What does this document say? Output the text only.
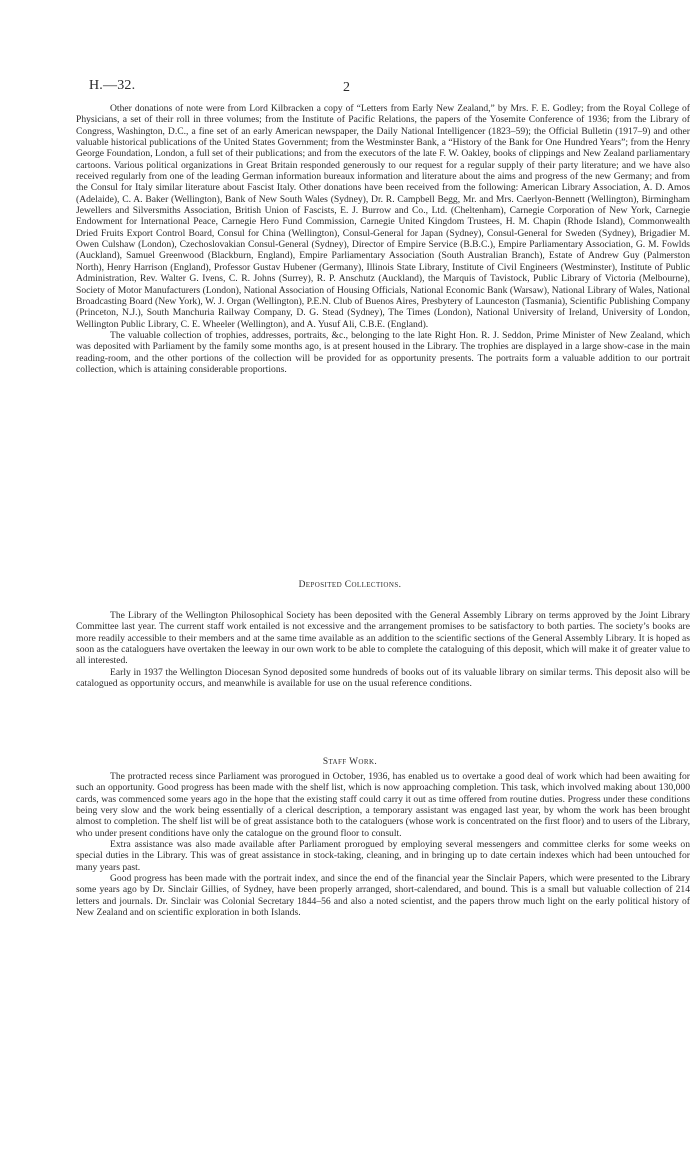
H.—32.	2

Other donations of note were from Lord Kilbracken a copy of “Letters from Early New Zealand,” by Mrs. F. E. Godley; from the Royal College of Physicians, a set of their roll in three volumes; from the Institute of Pacific Relations, the papers of the Yosemite Conference of 1936; from the Library of Congress, Washington, D.C., a fine set of an early American newspaper, the Daily National Intelligencer (1823–59); the Official Bulletin (1917–9) and other valuable historical publications of the United States Government; from the Westminster Bank, a “History of the Bank for One Hundred Years”; from the Henry George Foundation, London, a full set of their publications; and from the executors of the late F. W. Oakley, books of clippings and New Zealand parliamentary cartoons. Various political organizations in Great Britain responded generously to our request for a regular supply of their party literature; and we have also received regularly from one of the leading German information bureaux information and literature about the aims and progress of the new Germany; and from the Consul for Italy similar literature about Fascist Italy. Other donations have been received from the following: American Library Association, A. D. Amos (Adelaide), C. A. Baker (Wellington), Bank of New South Wales (Sydney), Dr. R. Campbell Begg, Mr. and Mrs. Caerlyon-Bennett (Wellington), Birmingham Jewellers and Silversmiths Association, British Union of Fascists, E. J. Burrow and Co., Ltd. (Cheltenham), Carnegie Corporation of New York, Carnegie Endowment for International Peace, Carnegie Hero Fund Commission, Carnegie United Kingdom Trustees, H. M. Chapin (Rhode Island), Commonwealth Dried Fruits Export Control Board, Consul for China (Wellington), Consul-General for Japan (Sydney), Consul-General for Sweden (Sydney), Brigadier M. Owen Culshaw (London), Czechoslovakian Consul-General (Sydney), Director of Empire Service (B.B.C.), Empire Parliamentary Association, G. M. Fowlds (Auckland), Samuel Greenwood (Blackburn, England), Empire Parliamentary Association (South Australian Branch), Estate of Andrew Guy (Palmerston North), Henry Harrison (England), Professor Gustav Hubener (Germany), Illinois State Library, Institute of Civil Engineers (Westminster), Institute of Public Administration, Rev. Walter G. Ivens, C. R. Johns (Surrey), R. P. Anschutz (Auckland), the Marquis of Tavistock, Public Library of Victoria (Melbourne), Society of Motor Manufacturers (London), National Association of Housing Officials, National Economic Bank (Warsaw), National Library of Wales, National Broadcasting Board (New York), W. J. Organ (Wellington), P.E.N. Club of Buenos Aires, Presbytery of Launceston (Tasmania), Scientific Publishing Company (Princeton, N.J.), South Manchuria Railway Company, D. G. Stead (Sydney), The Times (London), National University of Ireland, University of London, Wellington Public Library, C. E. Wheeler (Wellington), and A. Yusuf Ali, C.B.E. (England).

The valuable collection of trophies, addresses, portraits, &c., belonging to the late Right Hon. R. J. Seddon, Prime Minister of New Zealand, which was deposited with Parliament by the family some months ago, is at present housed in the Library. The trophies are displayed in a large show-case in the main reading-room, and the other portions of the collection will be provided for as opportunity presents. The portraits form a valuable addition to our portrait collection, which is attaining considerable proportions.

Deposited Collections.

The Library of the Wellington Philosophical Society has been deposited with the General Assembly Library on terms approved by the Joint Library Committee last year. The current staff work entailed is not excessive and the arrangement promises to be satisfactory to both parties. The society’s books are more readily accessible to their members and at the same time available as an addition to the scientific sections of the General Assembly Library. It is hoped as soon as the cataloguers have overtaken the leeway in our own work to be able to complete the cataloguing of this deposit, which will make it of greater value to all interested.

Early in 1937 the Wellington Diocesan Synod deposited some hundreds of books out of its valuable library on similar terms. This deposit also will be catalogued as opportunity occurs, and meanwhile is available for use on the usual reference conditions.

Staff Work.

The protracted recess since Parliament was prorogued in October, 1936, has enabled us to overtake a good deal of work which had been awaiting for such an opportunity. Good progress has been made with the shelf list, which is now approaching completion. This task, which involved making about 130,000 cards, was commenced some years ago in the hope that the existing staff could carry it out as time offered from routine duties. Progress under these conditions being very slow and the work being essentially of a clerical description, a temporary assistant was engaged last year, by whom the work has been brought almost to completion. The shelf list will be of great assistance both to the cataloguers (whose work is concentrated on the first floor) and to users of the Library, who under present conditions have only the catalogue on the ground floor to consult.

Extra assistance was also made available after Parliament prorogued by employing several messengers and committee clerks for some weeks on special duties in the Library. This was of great assistance in stock-taking, cleaning, and in bringing up to date certain indexes which had been untouched for many years past.

Good progress has been made with the portrait index, and since the end of the financial year the Sinclair Papers, which were presented to the Library some years ago by Dr. Sinclair Gillies, of Sydney, have been properly arranged, short-calendared, and bound. This is a small but valuable collection of 214 letters and journals. Dr. Sinclair was Colonial Secretary 1844–56 and also a noted scientist, and the papers throw much light on the early political history of New Zealand and on scientific exploration in both Islands.
